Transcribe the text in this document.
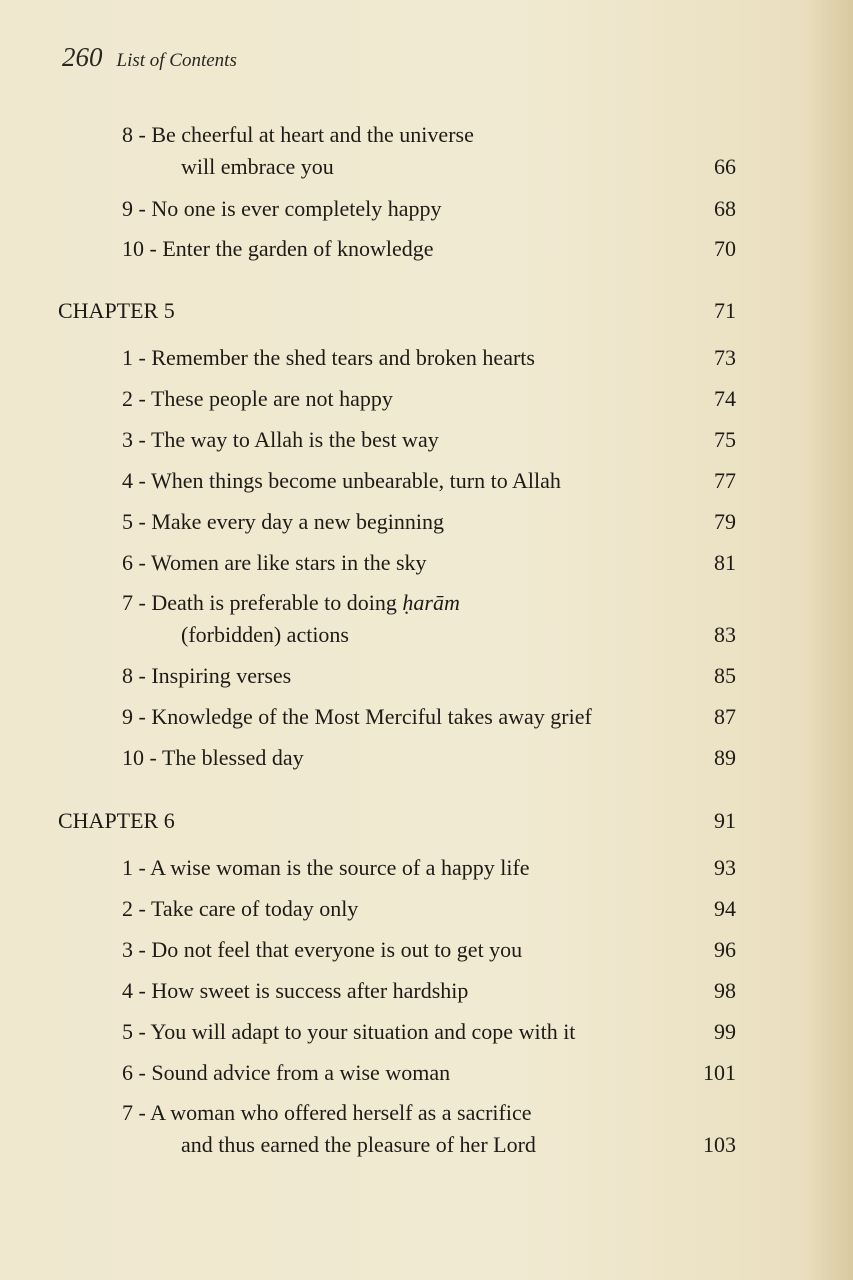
260 List of Contents
8 - Be cheerful at heart and the universe
will embrace you	66
9 - No one is ever completely happy	68
10 - Enter the garden of knowledge	70
CHAPTER 5	71
1 - Remember the shed tears and broken hearts	73
2 - These people are not happy	74
3 - The way to Allah is the best way	75
4 - When things become unbearable, turn to Allah	77
5 - Make every day a new beginning	79
6 - Women are like stars in the sky	81
7 - Death is preferable to doing ḥarām
(forbidden) actions	83
8 - Inspiring verses	85
9 - Knowledge of the Most Merciful takes away grief	87
10 - The blessed day	89
CHAPTER 6	91
1 - A wise woman is the source of a happy life	93
2 - Take care of today only	94
3 - Do not feel that everyone is out to get you	96
4 - How sweet is success after hardship	98
5 - You will adapt to your situation and cope with it	99
6 - Sound advice from a wise woman	101
7 - A woman who offered herself as a sacrifice
and thus earned the pleasure of her Lord	103
